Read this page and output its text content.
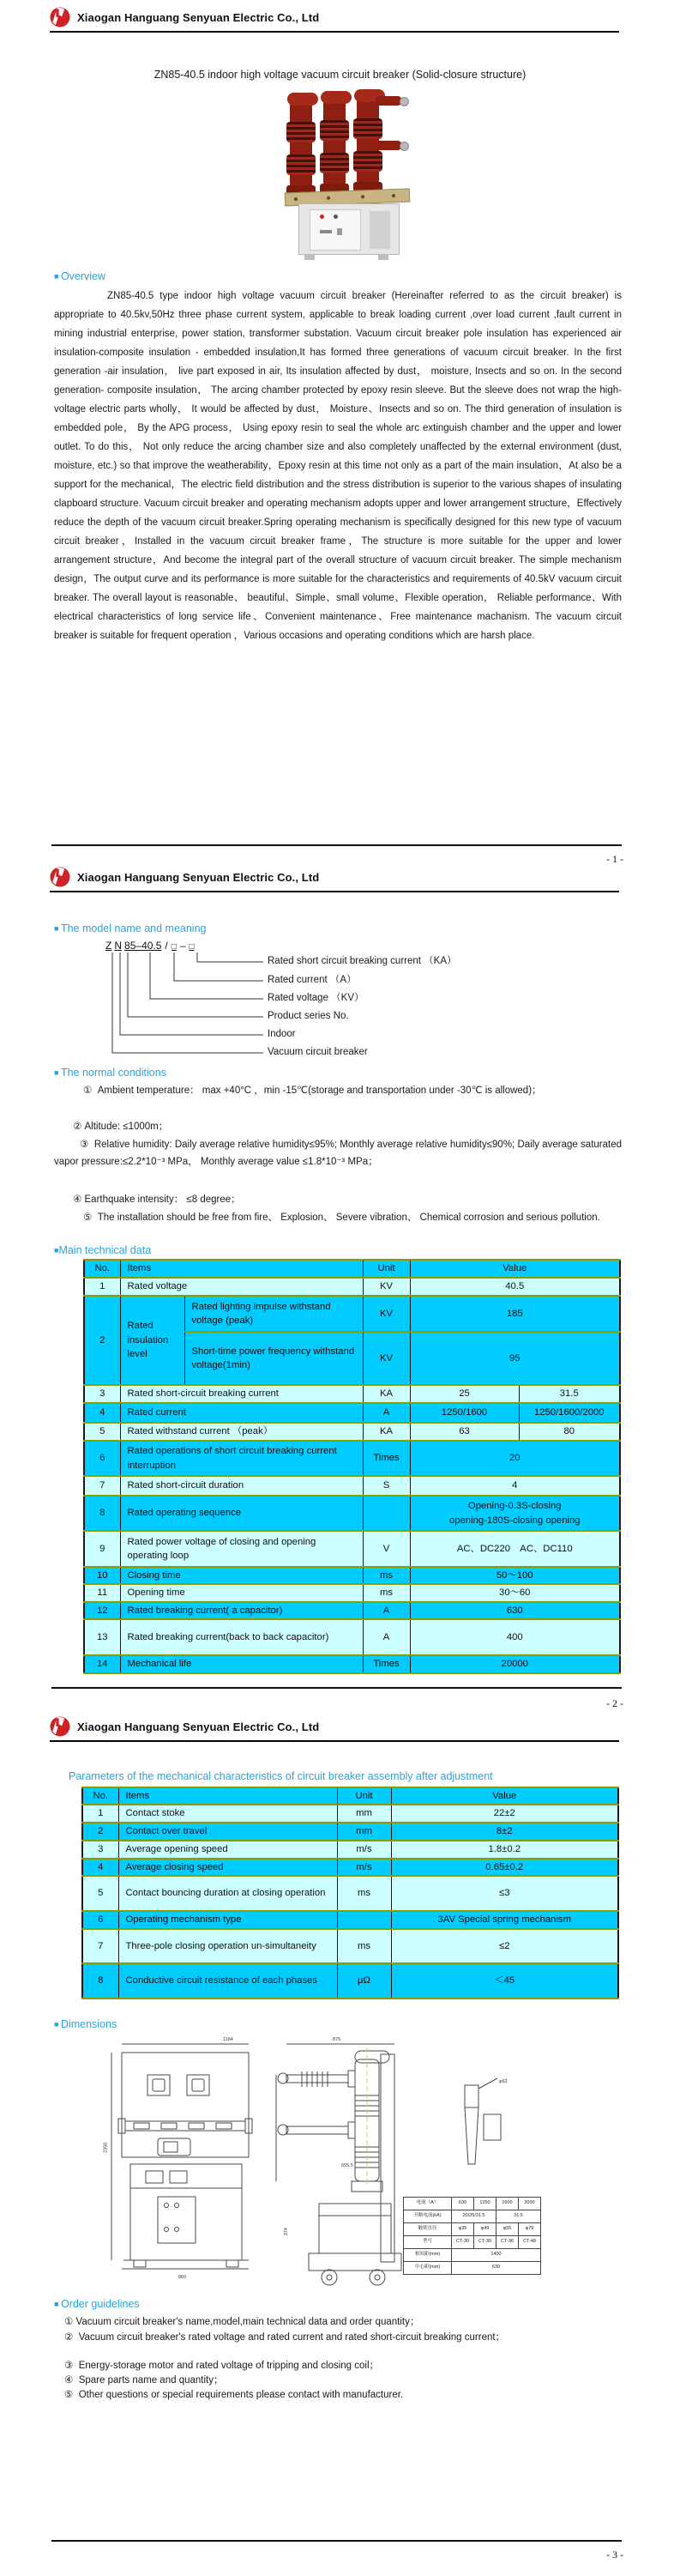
Xiaogan Hanguang Senyuan Electric Co., Ltd
ZN85-40.5 indoor high voltage vacuum circuit breaker (Solid-closure structure)
■ Overview
ZN85-40.5 type indoor high voltage vacuum circuit breaker (Hereinafter referred to as the circuit breaker) is appropriate to 40.5kv,50Hz three phase current system, applicable to break loading current ,over load current ,fault current in mining industrial enterprise, power station, transformer substation. Vacuum circuit breaker pole insulation has experienced air insulation-composite insulation - embedded insulation,It has formed three generations of vacuum circuit breaker. In the first generation -air insulation， live part exposed in air, Its insulation affected by dust， moisture, Insects and so on. In the second generation- composite insulation， The arcing chamber protected by epoxy resin sleeve. But the sleeve does not wrap the high-voltage electric parts wholly， It would be affected by dust， Moisture、Insects and so on. The third generation of insulation is embedded pole， By the APG process， Using epoxy resin to seal the whole arc extinguish chamber and the upper and lower outlet. To do this， Not only reduce the arcing chamber size and also completely unaffected by the external environment (dust, moisture, etc.) so that improve the weatherability，Epoxy resin at this time not only as a part of the main insulation，At also be a support for the mechanical，The electric field distribution and the stress distribution is superior to the various shapes of insulating clapboard structure. Vacuum circuit breaker and operating mechanism adopts upper and lower arrangement structure，Effectively reduce the depth of the vacuum circuit breaker.Spring operating mechanism is specifically designed for this new type of vacuum circuit breaker，Installed in the vacuum circuit breaker frame，The structure is more suitable for the upper and lower arrangement structure，And become the integral part of the overall structure of vacuum circuit breaker. The simple mechanism design，The output curve and its performance is more suitable for the characteristics and requirements of 40.5kV vacuum circuit breaker. The overall layout is reasonable、 beautiful、Simple、small volume、Flexible operation， Reliable performance、With electrical characteristics of long service life、Convenient maintenance、Free maintenance machanism. The vacuum circuit breaker is suitable for frequent operation ，Various occasions and operating conditions which are harsh place.
- 1 -
Xiaogan Hanguang Senyuan Electric Co., Ltd
■ The model name and meaning
Z N 85–40.5 / □ – □
Rated short circuit breaking current （KA）
Rated current （A）
Rated voltage （KV）
Product series No.
Indoor
Vacuum circuit breaker
■ The normal conditions
① Ambient temperature： max +40°C ，min -15℃(storage and transportation under -30℃ is allowed)；
② Altitude: ≤1000m；
③ Relative humidity: Daily average relative humidity≤95%; Monthly average relative humidity≤90%; Daily average saturated vapor pressure:≤2.2*10⁻³ MPa， Monthly average value ≤1.8*10⁻³ MPa；
④ Earthquake intensity： ≤8 degree；
⑤ The installation should be free from fire、 Explosion、 Severe vibration、 Chemical corrosion and serious pollution.
■ Main technical data
No.	Items		Unit	Value	
1	Rated voltage		KV	40.5	
2	Rated insulation level	Rated lighting impulse withstand voltage (peak)	KV	185	
		Short-time power frequency withstand voltage(1min)	KV	95	
3	Rated short-circuit breaking current		KA	25	31.5
4	Rated current		A	1250/1600	1250/1600/2000
5	Rated withstand current （peak）		KA	63	80
6	Rated operations of short circuit breaking current interruption		Times	20	
7	Rated short-circuit duration		S	4	
8	Rated operating sequence			Opening-0.3S-closing
opening-180S-closing opening	

9	Rated power voltage of closing and opening operating loop		V	AC、DC220　AC、DC110	
10	Closing time		ms	50～100	
11	Opening time		ms	30～60	
12	Rated breaking current( a capacitor)		A	630	
13	Rated breaking current(back to back capacitor)		A	400	
14	Mechanical life		Times	20000	
- 2 -
Xiaogan Hanguang Senyuan Electric Co., Ltd
Parameters of the mechanical characteristics of circuit breaker assembly after adjustment
No.	Items	Unit	Value
1	Contact stoke	mm	22±2
2	Contact over travel	mm	8±2
3	Average opening speed	m/s	1.8±0.2
4	Average closing speed	m/s	0.65±0.2
5	Contact bouncing duration at closing operation	ms	≤3
6	Operating mechanism type		3AV Special spring mechanism
7	Three-pole closing operation un-simultaneity	ms	≤2
8	Conductive circuit resistance of each phases	μΩ	＜45
■ Dimensions
1164
2350
860
875
655.5
374
φ62
电流（A）	630	1250	1600	2000
开断电流(kA)	20/25/31.5		31.5	
触臂直径	φ35	φ49	φ55	φ79
型号	CT-30	CT-30	CT-36	CT-48
相间距(mm)	1400			
中心距(mm)	630			
■ Order guidelines
① Vacuum circuit breaker's name,model,main technical data and order quantity；
② Vacuum circuit breaker's rated voltage and rated current and rated short-circuit breaking current；
③ Energy-storage motor and rated voltage of tripping and closing coil；
④ Spare parts name and quantity；
⑤ Other questions or special requirements please contact with manufacturer.
- 3 -
